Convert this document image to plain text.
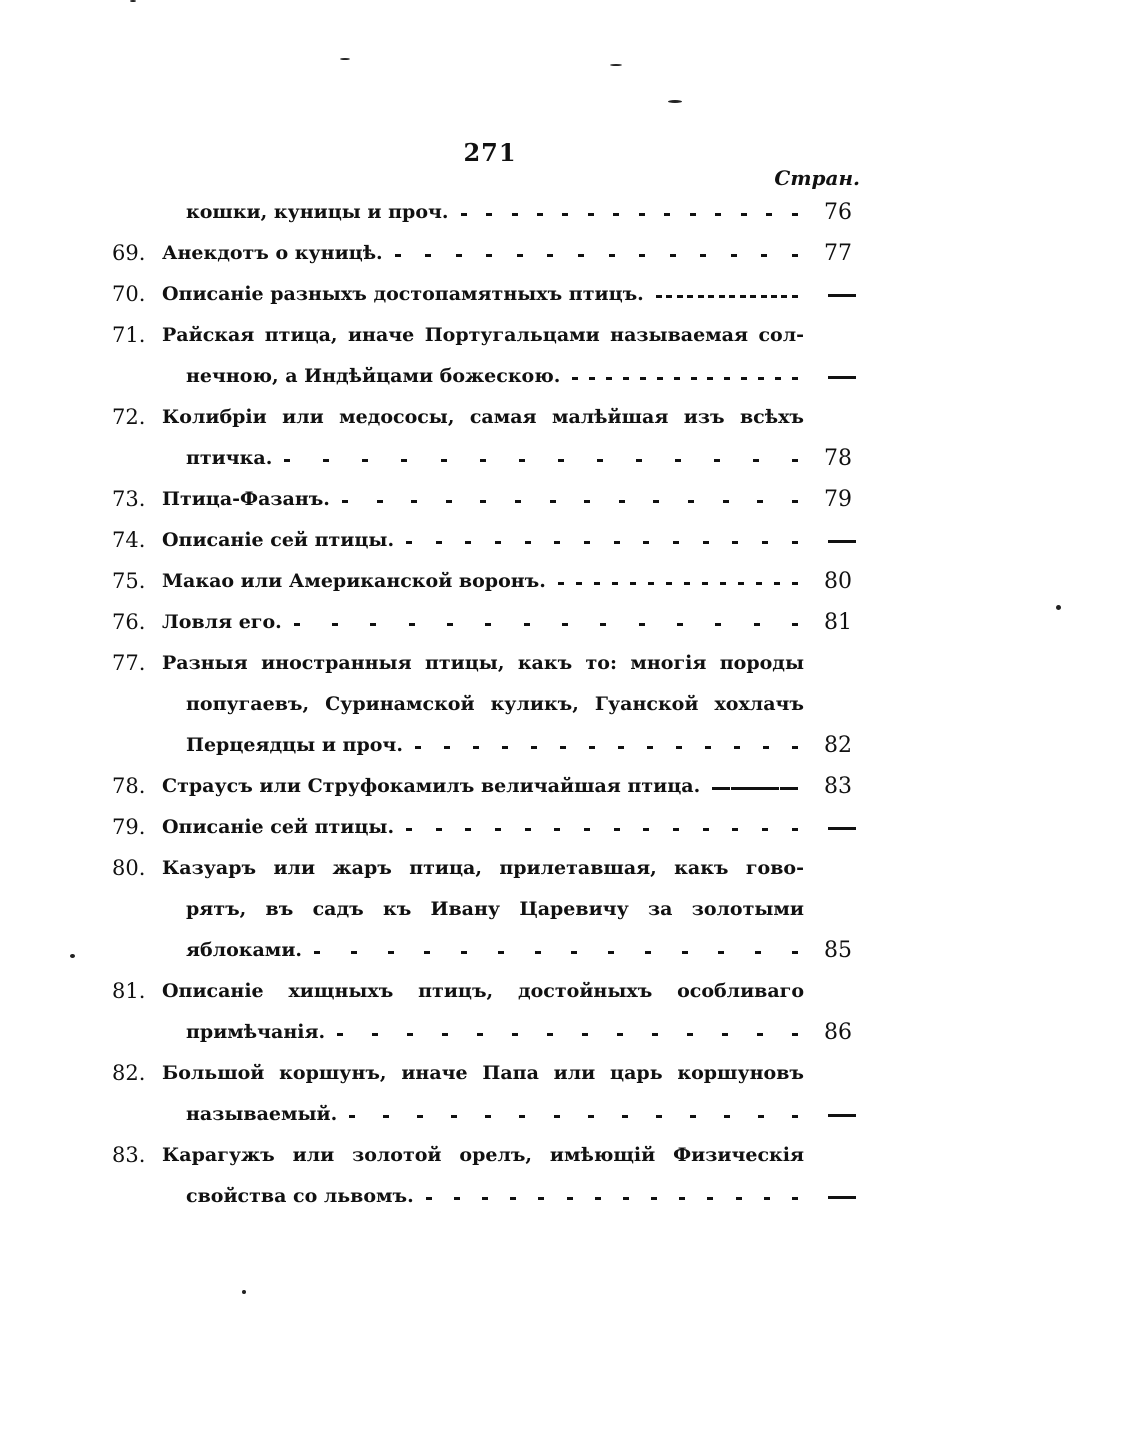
271
Стран.
кошки, куницы и проч.	76
69. Анекдотъ о куницѣ.	77
70. Описаніе разныхъ достопамятныхъ птицъ.
71. Райская птица, иначе Португальцами называемая сол-
нечною, а Индѣйцами божескою.
72. Колибріи или медососы, самая малѣйшая изъ всѣхъ
птичка.	78
73. Птица-Фазанъ.	79
74. Описаніе сей птицы.
75. Макао или Американской воронъ.	80
76. Ловля его.	81
77. Разныя иностранныя птицы, какъ то: многія породы
попугаевъ, Суринамской куликъ, Гуанской хохлачъ
Перцеядцы и проч.	82
78. Страусъ или Струфокамилъ величайшая птица.	83
79. Описаніе сей птицы.
80. Казуаръ или жаръ птица, прилетавшая, какъ гово-
рятъ, въ садъ къ Ивану Царевичу за золотыми
яблоками.	85
81. Описаніе хищныхъ птицъ, достойныхъ особливаго
примѣчанія.	86
82. Большой коршунъ, иначе Папа или царь коршуновъ
называемый.
83. Карагужъ или золотой орелъ, имѣющій Физическія
свойства со львомъ.
